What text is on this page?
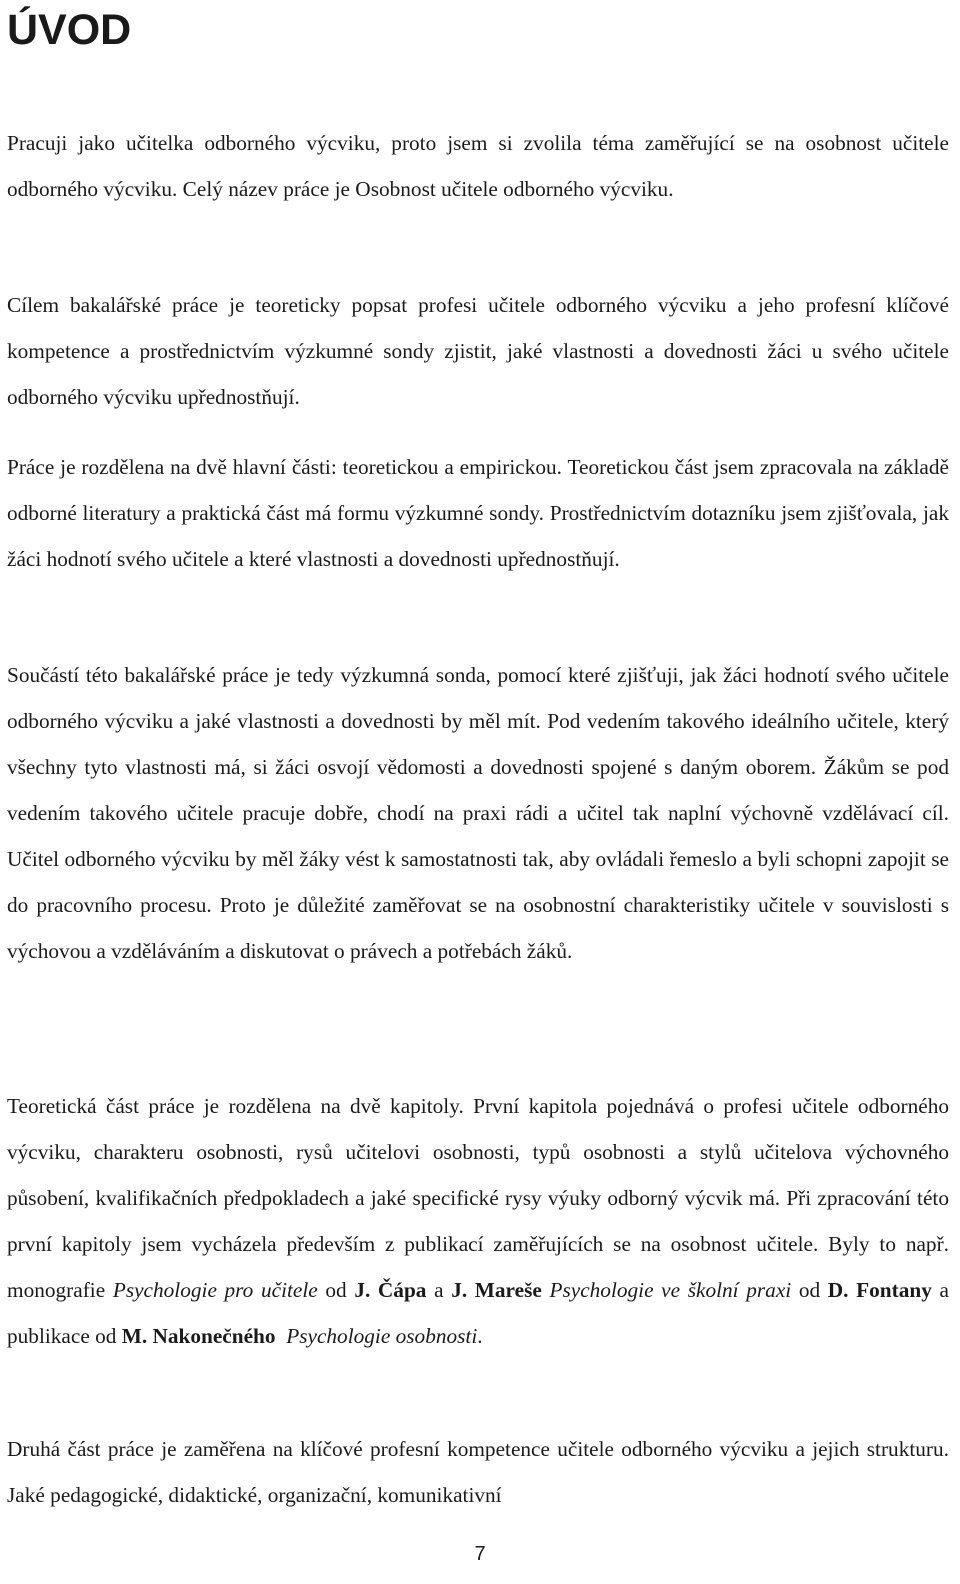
ÚVOD

Pracuji jako učitelka odborného výcviku, proto jsem si zvolila téma zaměřující se na osobnost učitele odborného výcviku. Celý název práce je Osobnost učitele odborného výcviku.

Cílem bakalářské práce je teoreticky popsat profesi učitele odborného výcviku a jeho profesní klíčové kompetence a prostřednictvím výzkumné sondy zjistit, jaké vlastnosti a dovednosti žáci u svého učitele odborného výcviku upřednostňují.

Práce je rozdělena na dvě hlavní části: teoretickou a empirickou. Teoretickou část jsem zpracovala na základě odborné literatury a praktická část má formu výzkumné sondy. Prostřednictvím dotazníku jsem zjišťovala, jak žáci hodnotí svého učitele a které vlastnosti a dovednosti upřednostňují.

Součástí této bakalářské práce je tedy výzkumná sonda, pomocí které zjišťuji, jak žáci hodnotí svého učitele odborného výcviku a jaké vlastnosti a dovednosti by měl mít. Pod vedením takového ideálního učitele, který všechny tyto vlastnosti má, si žáci osvojí vědomosti a dovednosti spojené s daným oborem. Žákům se pod vedením takového učitele pracuje dobře, chodí na praxi rádi a učitel tak naplní výchovně vzdělávací cíl. Učitel odborného výcviku by měl žáky vést k samostatnosti tak, aby ovládali řemeslo a byli schopni zapojit se do pracovního procesu. Proto je důležité zaměřovat se na osobnostní charakteristiky učitele v souvislosti s výchovou a vzděláváním a diskutovat o právech a potřebách žáků.

Teoretická část práce je rozdělena na dvě kapitoly. První kapitola pojednává o profesi učitele odborného výcviku, charakteru osobnosti, rysů učitelovi osobnosti, typů osobnosti a stylů učitelova výchovného působení, kvalifikačních předpokladech a jaké specifické rysy výuky odborný výcvik má. Při zpracování této první kapitoly jsem vycházela především z publikací zaměřujících se na osobnost učitele. Byly to např. monografie Psychologie pro učitele od J. Čápa a J. Mareše Psychologie ve školní praxi od D. Fontany a publikace od M. Nakonečného Psychologie osobnosti.

Druhá část práce je zaměřena na klíčové profesní kompetence učitele odborného výcviku a jejich strukturu. Jaké pedagogické, didaktické, organizační, komunikativní

7
